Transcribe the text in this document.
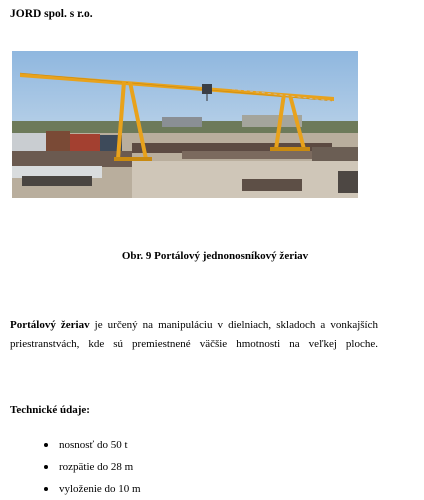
JORD spol. s r.o.
Obr. 9 Portálový jednonosníkový žeriav
Portálový žeriav je určený na manipuláciu v dielniach, skladoch a vonkajších priestranstvách, kde sú premiestnené väčšie hmotnosti na veľkej ploche.
Technické údaje:
nosnosť do 50 t
rozpätie do 28 m
vyloženie do 10 m
